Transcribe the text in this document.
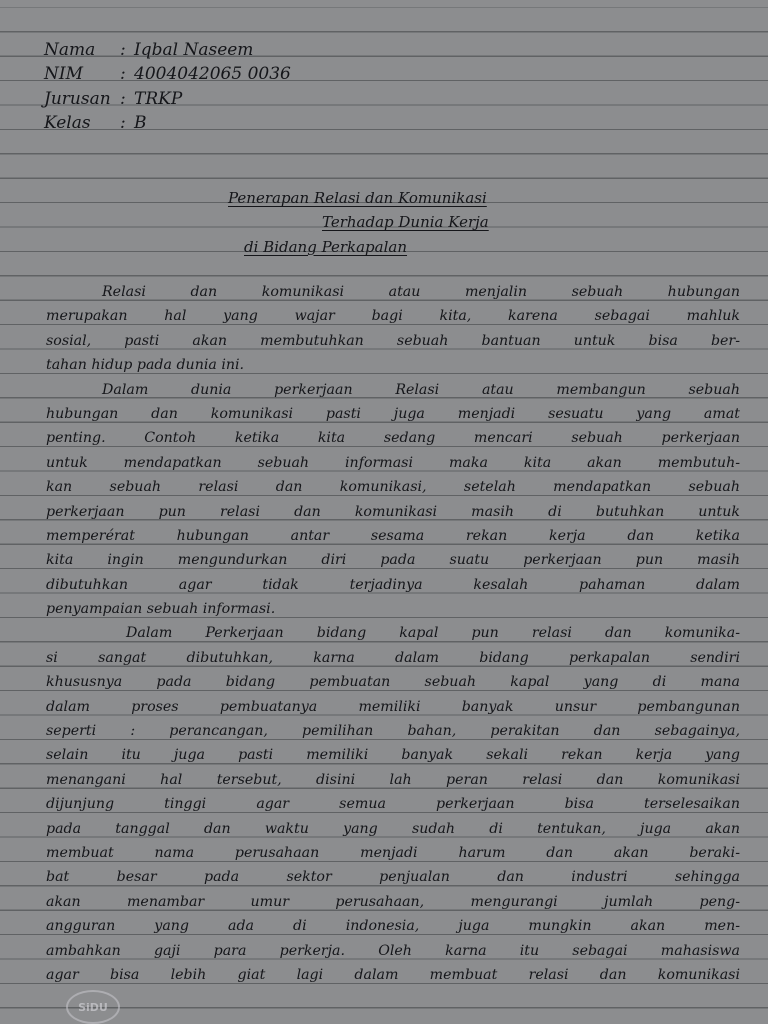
Nama : Iqbal Naseem
NIM : 4004042065 0036
Jurusan : TRKP
Kelas : B
Penerapan Relasi dan Komunikasi
Terhadap Dunia Kerja
di Bidang Perkapalan
Relasi dan komunikasi atau menjalin sebuah hubungan
merupakan hal yang wajar bagi kita, karena sebagai mahluk
sosial, pasti akan membutuhkan sebuah bantuan untuk bisa ber-
tahan hidup pada dunia ini.
Dalam dunia perkerjaan Relasi atau membangun sebuah
hubungan dan komunikasi pasti juga menjadi sesuatu yang amat
penting. Contoh ketika kita sedang mencari sebuah perkerjaan
untuk mendapatkan sebuah informasi maka kita akan membutuh-
kan sebuah relasi dan komunikasi, setelah mendapatkan sebuah
perkerjaan pun relasi dan komunikasi masih di butuhkan untuk
memperérat hubungan antar sesama rekan kerja dan ketika
kita ingin mengundurkan diri pada suatu perkerjaan pun masih
dibutuhkan agar tidak terjadinya kesalah pahaman dalam
penyampaian sebuah informasi.
Dalam Perkerjaan bidang kapal pun relasi dan komunika-
si sangat dibutuhkan, karna dalam bidang perkapalan sendiri
khususnya pada bidang pembuatan sebuah kapal yang di mana
dalam proses pembuatanya memiliki banyak unsur pembangunan
seperti : perancangan, pemilihan bahan, perakitan dan sebagainya,
selain itu juga pasti memiliki banyak sekali rekan kerja yang
menangani hal tersebut, disini lah peran relasi dan komunikasi
dijunjung tinggi agar semua perkerjaan bisa terselesaikan
pada tanggal dan waktu yang sudah di tentukan, juga akan
membuat nama perusahaan menjadi harum dan akan beraki-
bat besar pada sektor penjualan dan industri sehingga
akan menambar umur perusahaan, mengurangi jumlah peng-
angguran yang ada di indonesia, juga mungkin akan men-
ambahkan gaji para perkerja. Oleh karna itu sebagai mahasiswa
agar bisa lebih giat lagi dalam membuat relasi dan komunikasi
SiDU
